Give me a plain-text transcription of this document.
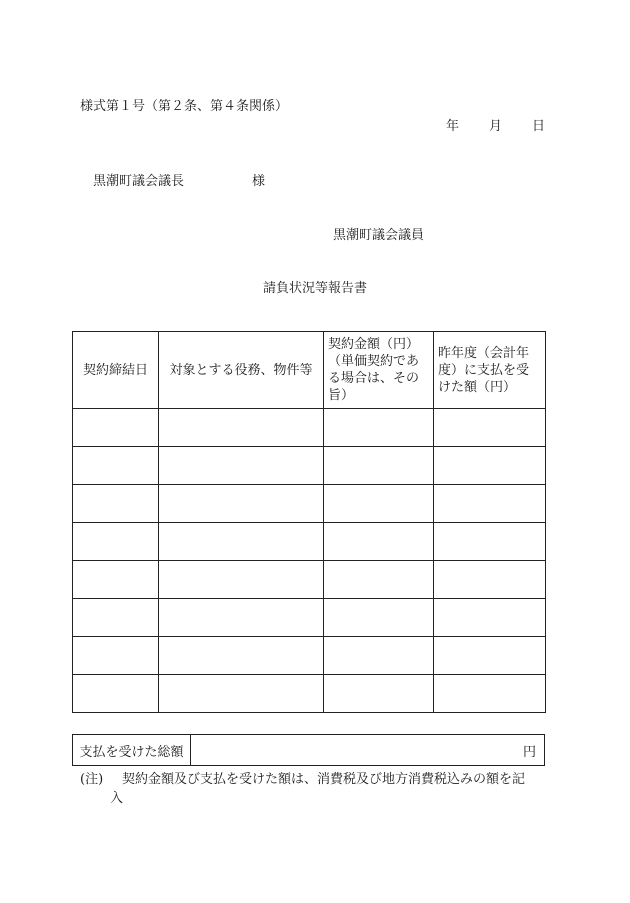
様式第１号（第２条、第４条関係）
年 月 日
黒潮町議会議長	様
黒潮町議会議員
請負状況等報告書
契約締結日	対象とする役務、物件等	契約金額（円）（単価契約である場合は、その旨）	昨年度（会計年度）に支払を受けた額（円）

支払を受けた総額	円
(注) 契約金額及び支払を受けた額は、消費税及び地方消費税込みの額を記
入
